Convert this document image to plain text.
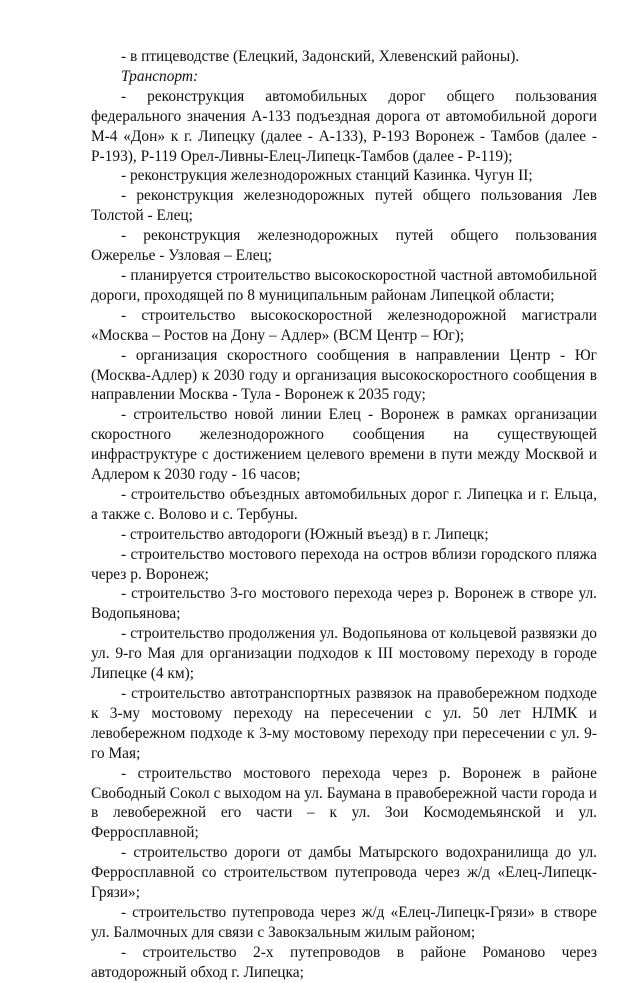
- в птицеводстве (Елецкий, Задонский, Хлевенский районы).

Транспорт:

- реконструкция автомобильных дорог общего пользования федерального значения А-133 подъездная дорога от автомобильной дороги М-4 «Дон» к г. Липецку (далее - А-133), Р-193 Воронеж - Тамбов (далее - Р-193), Р-119 Орел-Ливны-Елец-Липецк-Тамбов (далее - Р-119);

- реконструкция железнодорожных станций Казинка. Чугун II;

- реконструкция железнодорожных путей общего пользования Лев Толстой - Елец;

- реконструкция железнодорожных путей общего пользования Ожерелье - Узловая – Елец;

- планируется строительство высокоскоростной частной автомобильной дороги, проходящей по 8 муниципальным районам Липецкой области;

- строительство высокоскоростной железнодорожной магистрали «Москва – Ростов на Дону – Адлер» (ВСМ Центр – Юг);

- организация скоростного сообщения в направлении Центр - Юг (Москва-Адлер) к 2030 году и организация высокоскоростного сообщения в направлении Москва - Тула - Воронеж к 2035 году;

- строительство новой линии Елец - Воронеж в рамках организации скоростного железнодорожного сообщения на существующей инфраструктуре с достижением целевого времени в пути между Москвой и Адлером к 2030 году - 16 часов;

- строительство объездных автомобильных дорог г. Липецка и г. Ельца, а также с. Волово и с. Тербуны.

- строительство автодороги (Южный въезд) в г. Липецк;

- строительство мостового перехода на остров вблизи городского пляжа через р. Воронеж;

- строительство 3-го мостового перехода через р. Воронеж в створе ул. Водопьянова;

- строительство продолжения ул. Водопьянова от кольцевой развязки до ул. 9-го Мая для организации подходов к III мостовому переходу в городе Липецке (4 км);

- строительство автотранспортных развязок на правобережном подходе к 3-му мостовому переходу на пересечении с ул. 50 лет НЛМК и левобережном подходе к 3-му мостовому переходу при пересечении с ул. 9-го Мая;

- строительство мостового перехода через р. Воронеж в районе Свободный Сокол с выходом на ул. Баумана в правобережной части города и в левобережной его части – к ул. Зои Космодемьянской и ул. Ферросплавной;

- строительство дороги от дамбы Матырского водохранилища до ул. Ферросплавной со строительством путепровода через ж/д «Елец-Липецк-Грязи»;

- строительство путепровода через ж/д «Елец-Липецк-Грязи» в створе ул. Балмочных для связи с Завокзальным жилым районом;

- строительство 2-х путепроводов в районе Романово через автодорожный обход г. Липецка;
